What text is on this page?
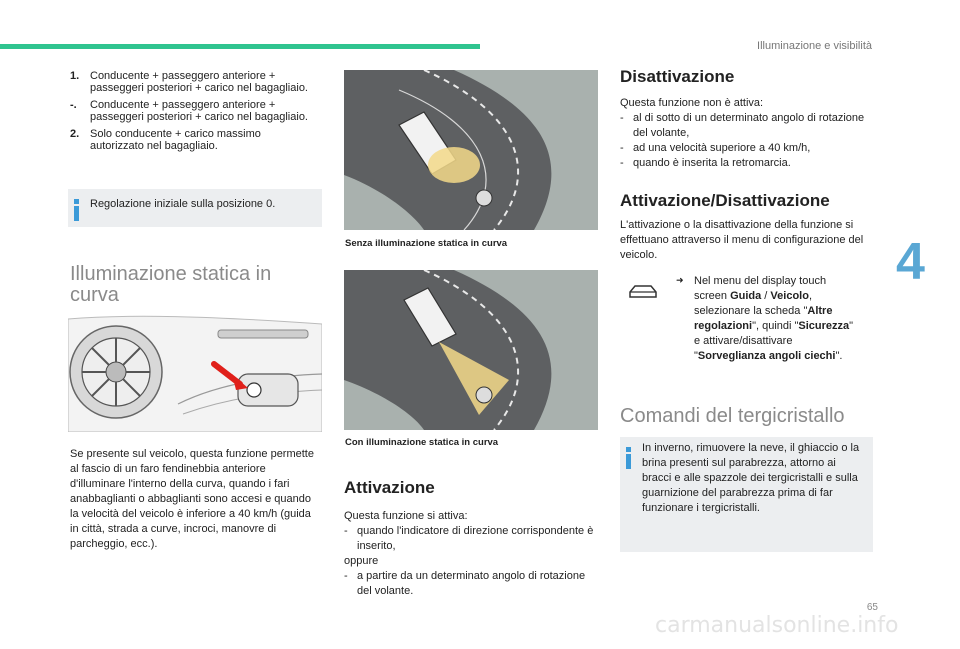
Illuminazione e visibilità
4
65
carmanualsonline.info
1. Conducente + passeggero anteriore + passeggeri posteriori + carico nel bagagliaio.
-.	Conducente + passeggero anteriore + passeggeri posteriori + carico nel bagagliaio.
2. Solo conducente + carico massimo autorizzato nel bagagliaio.
Regolazione iniziale sulla posizione 0.
Illuminazione statica in curva
Se presente sul veicolo, questa funzione permette al fascio di un faro fendinebbia anteriore d'illuminare l'interno della curva, quando i fari anabbaglianti o abbaglianti sono accesi e quando la velocità del veicolo è inferiore a 40 km/h (guida in città, strada a curve, incroci, manovre di parcheggio, ecc.).
Senza illuminazione statica in curva
Con illuminazione statica in curva
Attivazione
Questa funzione si attiva:
- quando l'indicatore di direzione corrispondente è inserito,
oppure
- a partire da un determinato angolo di rotazione del volante.
Disattivazione
Questa funzione non è attiva:
- al di sotto di un determinato angolo di rotazione del volante,
- ad una velocità superiore a 40 km/h,
- quando è inserita la retromarcia.
Attivazione/Disattivazione
L'attivazione o la disattivazione della funzione si effettuano attraverso il menu di configurazione del veicolo.
➜ Nel menu del display touch screen Guida / Veicolo, selezionare la scheda "Altre regolazioni", quindi "Sicurezza" e attivare/disattivare "Sorveglianza angoli ciechi".
Comandi del tergicristallo
In inverno, rimuovere la neve, il ghiaccio o la brina presenti sul parabrezza, attorno ai bracci e alle spazzole dei tergicristalli e sulla guarnizione del parabrezza prima di far funzionare i tergicristalli.
